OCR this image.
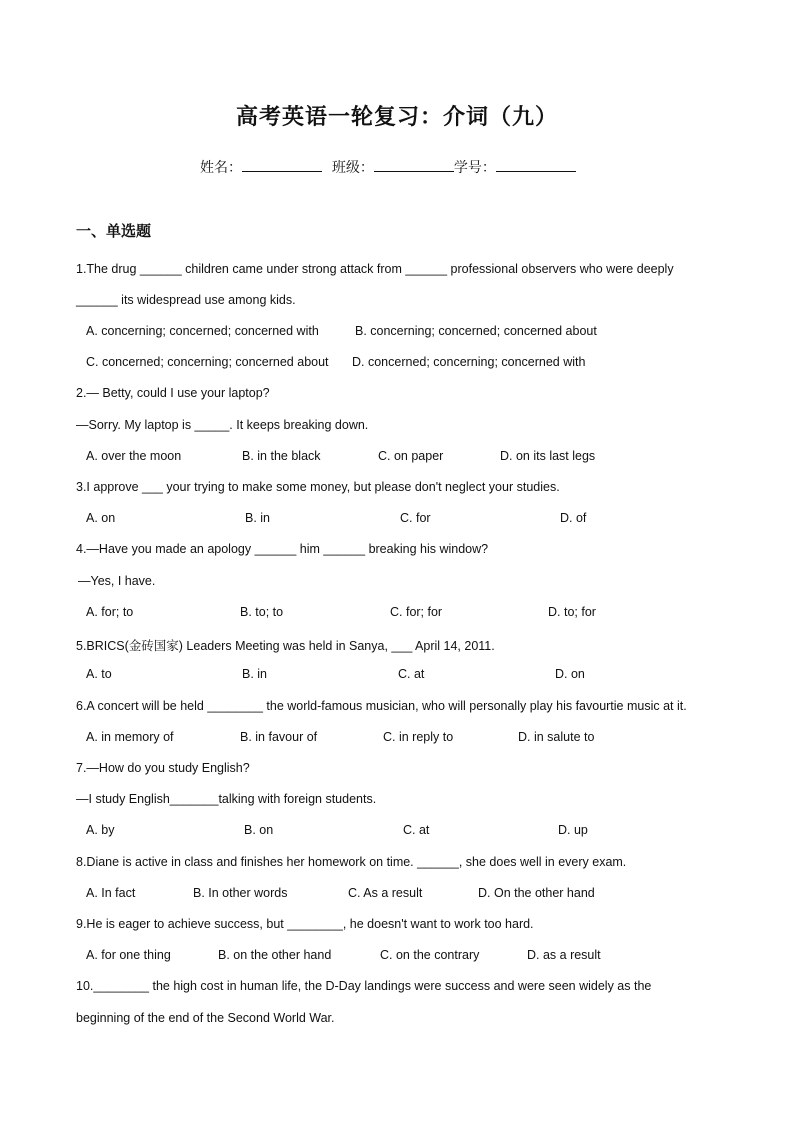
高考英语一轮复习：介词（九）
姓名：	班级：	学号：
一、单选题
1.The drug ______ children came under strong attack from ______ professional observers who were deeply
______ its widespread use among kids.
A. concerning; concerned; concerned with	B. concerning; concerned; concerned about
C. concerned; concerning; concerned about D. concerned; concerning; concerned with
2.— Betty, could I use your laptop?
—Sorry. My laptop is _____. It keeps breaking down.
A. over the moon	B. in the black	C. on paper	D. on its last legs
3.I approve ___ your trying to make some money, but please don't neglect your studies.
A. on	B. in	C. for	D. of
4.—Have you made an apology ______ him ______ breaking his window?
—Yes, I have.
A. for; to	B. to; to	C. for; for	D. to; for
5.BRICS(金砖国家) Leaders Meeting was held in Sanya, ___ April 14, 2011.
A. to	B. in	C. at	D. on
6.A concert will be held ________ the world-famous musician, who will personally play his favourtie music at it.
A. in memory of	B. in favour of	C. in reply to	D. in salute to
7.—How do you study English?
—I study English_______talking with foreign students.
A. by	B. on	C. at	D. up
8.Diane is active in class and finishes her homework on time. ______, she does well in every exam.
A. In fact	B. In other words	C. As a result	D. On the other hand
9.He is eager to achieve success, but ________, he doesn't want to work too hard.
A. for one thing	B. on the other hand	C. on the contrary	D. as a result
10.________ the high cost in human life, the D-Day landings were success and were seen widely as the
beginning of the end of the Second World War.
